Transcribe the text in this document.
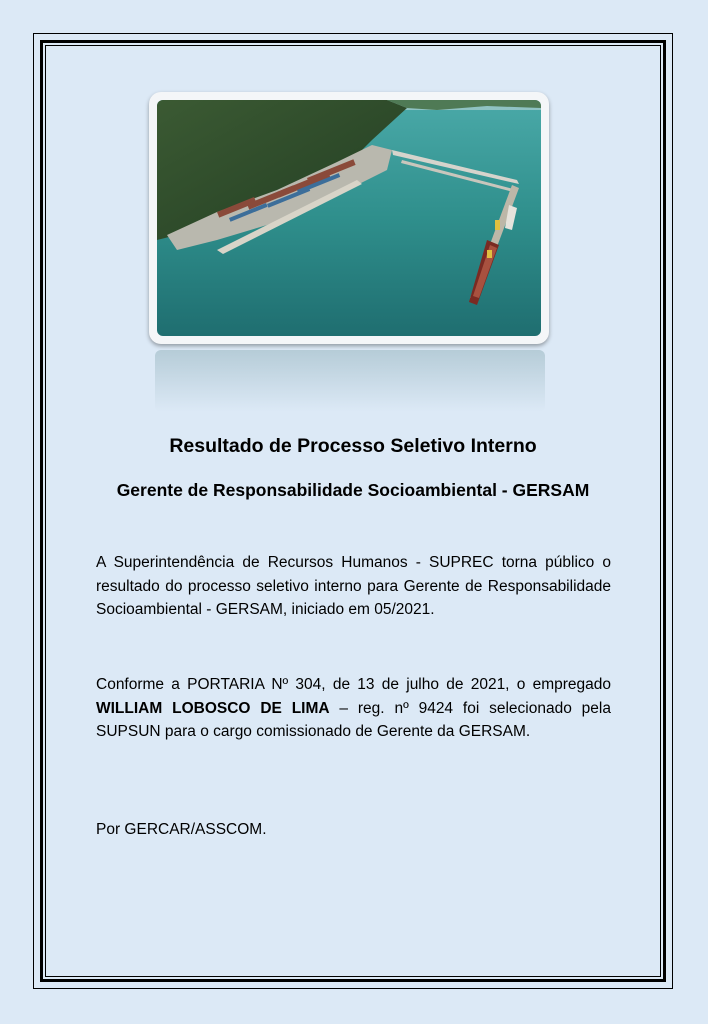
Resultado de Processo Seletivo Interno
Gerente de Responsabilidade Socioambiental - GERSAM

A Superintendência de Recursos Humanos - SUPREC torna público o resultado do processo seletivo interno para Gerente de Responsabilidade Socioambiental - GERSAM, iniciado em 05/2021.

Conforme a PORTARIA Nº 304, de 13 de julho de 2021, o empregado WILLIAM LOBOSCO DE LIMA – reg. nº 9424 foi selecionado pela SUPSUN para o cargo comissionado de Gerente da GERSAM.

Por GERCAR/ASSCOM.
